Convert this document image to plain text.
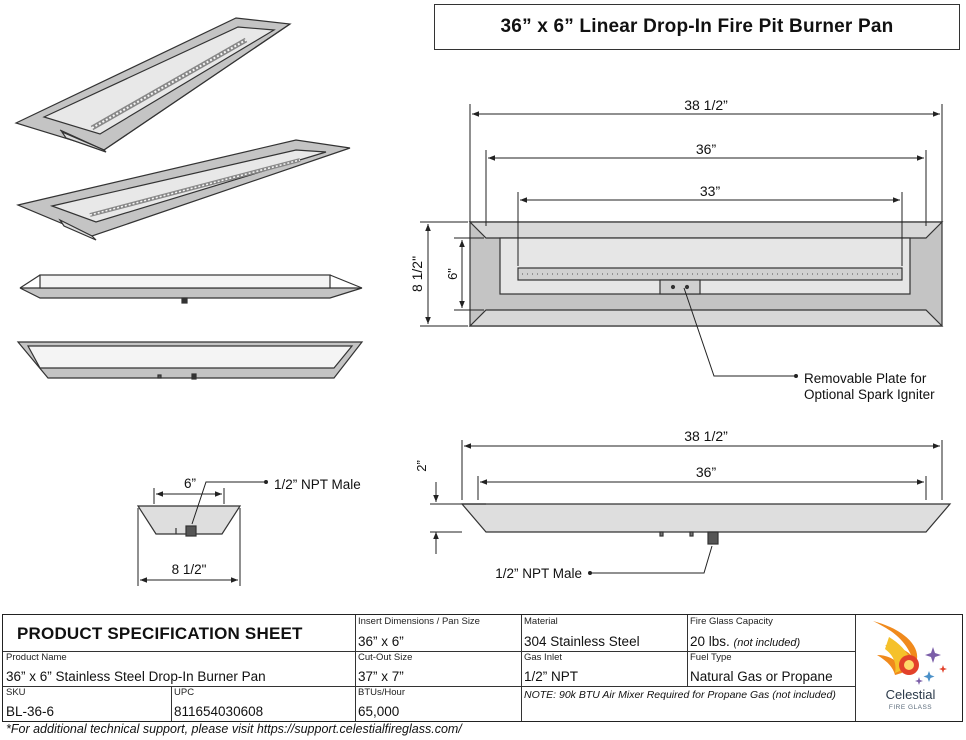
36” x 6” Linear Drop-In Fire Pit Burner Pan
38 1/2”
36”
33”
8 1/2" 6"
Removable Plate for
Optional Spark Igniter
38 1/2”
36”
2”
1/2” NPT Male
6”	1/2” NPT Male
8 1/2"
PRODUCT SPECIFICATION SHEET
Product Name
36” x 6” Stainless Steel Drop-In Burner Pan
SKU
BL-36-6
UPC
811654030608
Insert Dimensions / Pan Size
36” x 6”
Cut-Out Size
37” x 7”
BTUs/Hour
65,000
Material
304 Stainless Steel
Gas Inlet
1/2” NPT
NOTE: 90k BTU Air Mixer Required for Propane Gas (not included)
Fire Glass Capacity
20 lbs. (not included)
Fuel Type
Natural Gas or Propane
Celestial
FIRE GLASS
*For additional technical support, please visit https://support.celestialfireglass.com/
